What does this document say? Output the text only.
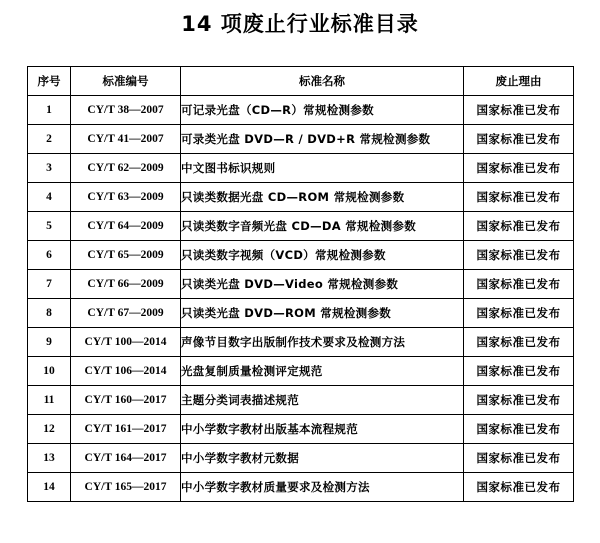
14 项废止行业标准目录
序号	标准编号	标准名称	废止理由
1	CY/T 38—2007	可记录光盘（CD—R）常规检测参数	国家标准已发布
2	CY/T 41—2007	可录类光盘 DVD—R / DVD+R 常规检测参数	国家标准已发布
3	CY/T 62—2009	中文图书标识规则	国家标准已发布
4	CY/T 63—2009	只读类数据光盘 CD—ROM 常规检测参数	国家标准已发布
5	CY/T 64—2009	只读类数字音频光盘 CD—DA 常规检测参数	国家标准已发布
6	CY/T 65—2009	只读类数字视频（VCD）常规检测参数	国家标准已发布
7	CY/T 66—2009	只读类光盘 DVD—Video 常规检测参数	国家标准已发布
8	CY/T 67—2009	只读类光盘 DVD—ROM 常规检测参数	国家标准已发布
9	CY/T 100—2014	声像节目数字出版制作技术要求及检测方法	国家标准已发布
10	CY/T 106—2014	光盘复制质量检测评定规范	国家标准已发布
11	CY/T 160—2017	主题分类词表描述规范	国家标准已发布
12	CY/T 161—2017	中小学数字教材出版基本流程规范	国家标准已发布
13	CY/T 164—2017	中小学数字教材元数据	国家标准已发布
14	CY/T 165—2017	中小学数字教材质量要求及检测方法	国家标准已发布
